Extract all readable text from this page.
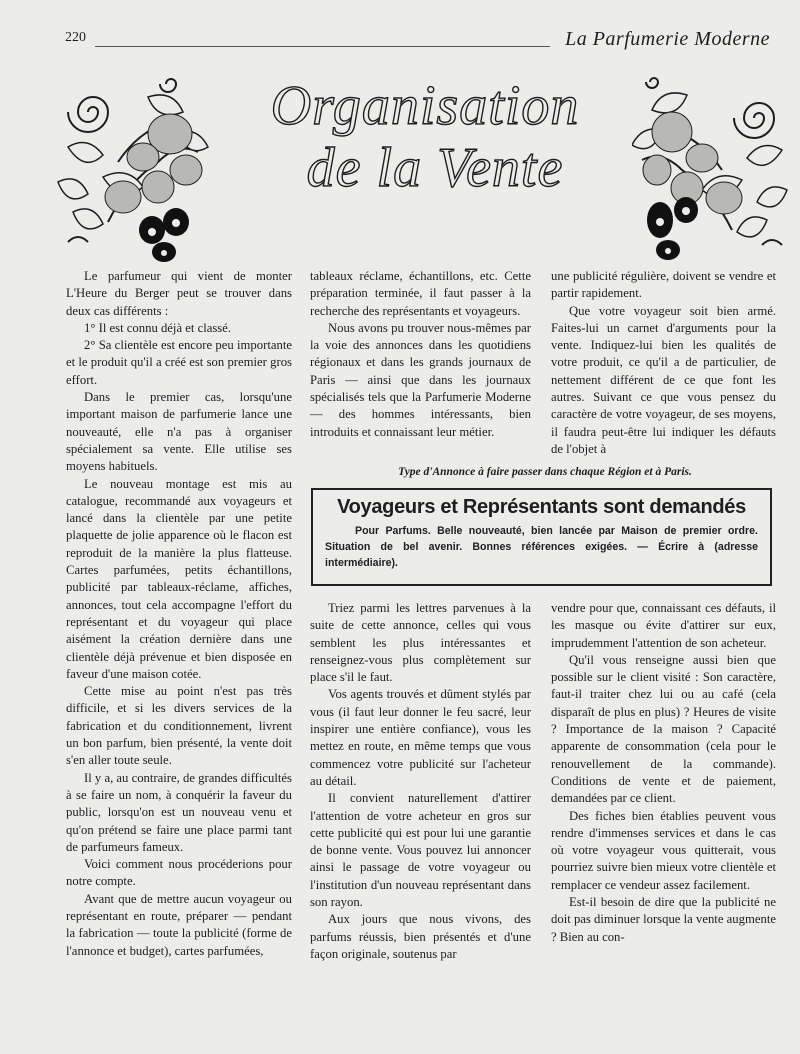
220	La Parfumerie Moderne
Organisation
de la Vente

Le parfumeur qui vient de monter L'Heure du Berger peut se trouver dans deux cas différents :

1° Il est connu déjà et classé.

2° Sa clientèle est encore peu importante et le produit qu'il a créé est son premier gros effort.

Dans le premier cas, lorsqu'une important maison de parfumerie lance une nouveauté, elle n'a pas à organiser spécialement sa vente. Elle utilise ses moyens habituels.

Le nouveau montage est mis au catalogue, recommandé aux voyageurs et lancé dans la clientèle par une petite plaquette de jolie apparence où le flacon est reproduit de la manière la plus flatteuse. Cartes parfumées, petits échantillons, publicité par tableaux-réclame, affiches, annonces, tout cela accompagne l'effort du représentant et du voyageur qui place aisément la création dernière dans une clientèle déjà prévenue et bien disposée en faveur d'une maison cotée.

Cette mise au point n'est pas très difficile, et si les divers services de la fabrication et du conditionnement, livrent un bon parfum, bien présenté, la vente doit s'en aller toute seule.

Il y a, au contraire, de grandes difficultés à se faire un nom, à conquérir la faveur du public, lorsqu'on est un nouveau venu et qu'on prétend se faire une place parmi tant de parfumeurs fameux.

Voici comment nous procéderions pour notre compte.

Avant que de mettre aucun voyageur ou représentant en route, préparer — pendant la fabrication — toute la publicité (forme de l'annonce et budget), cartes parfumées,

tableaux réclame, échantillons, etc. Cette préparation terminée, il faut passer à la recherche des représentants et voyageurs.

Nous avons pu trouver nous-mêmes par la voie des annonces dans les quotidiens régionaux et dans les grands journaux de Paris — ainsi que dans les journaux spécialisés tels que la Parfumerie Moderne — des hommes intéressants, bien introduits et connaissant leur métier.

une publicité régulière, doivent se vendre et partir rapidement.

Que votre voyageur soit bien armé. Faites-lui un carnet d'arguments pour la vente. Indiquez-lui bien les qualités de votre produit, ce qu'il a de particulier, de nettement différent de ce que font les autres. Suivant ce que vous pensez du caractère de votre voyageur, de ses moyens, il faudra peut-être lui indiquer les défauts de l'objet à

Type d'Annonce à faire passer dans chaque Région et à Paris.
Voyageurs et Représentants sont demandés
Pour Parfums. Belle nouveauté, bien lancée par Maison de premier ordre. Situation de bel avenir. Bonnes références exigées. — Écrire à (adresse intermédiaire).

Triez parmi les lettres parvenues à la suite de cette annonce, celles qui vous semblent les plus intéressantes et renseignez-vous plus complètement sur place s'il le faut.

Vos agents trouvés et dûment stylés par vous (il faut leur donner le feu sacré, leur inspirer une entière confiance), vous les mettez en route, en même temps que vous commencez votre publicité sur l'acheteur au détail.

Il convient naturellement d'attirer l'attention de votre acheteur en gros sur cette publicité qui est pour lui une garantie de bonne vente. Vous pouvez lui annoncer ainsi le passage de votre voyageur ou l'institution d'un nouveau représentant dans son rayon.

Aux jours que nous vivons, des parfums réussis, bien présentés et d'une façon originale, soutenus par

vendre pour que, connaissant ces défauts, il les masque ou évite d'attirer sur eux, imprudemment l'attention de son acheteur.

Qu'il vous renseigne aussi bien que possible sur le client visité : Son caractère, faut-il traiter chez lui ou au café (cela disparaît de plus en plus) ? Heures de visite ? Importance de la maison ? Capacité apparente de consommation (cela pour le renouvellement de la commande). Conditions de vente et de paiement, demandées par ce client.

Des fiches bien établies peuvent vous rendre d'immenses services et dans le cas où votre voyageur vous quitterait, vous pourriez suivre bien mieux votre clientèle et remplacer ce vendeur assez facilement.

Est-il besoin de dire que la publicité ne doit pas diminuer lorsque la vente augmente ? Bien au con-
